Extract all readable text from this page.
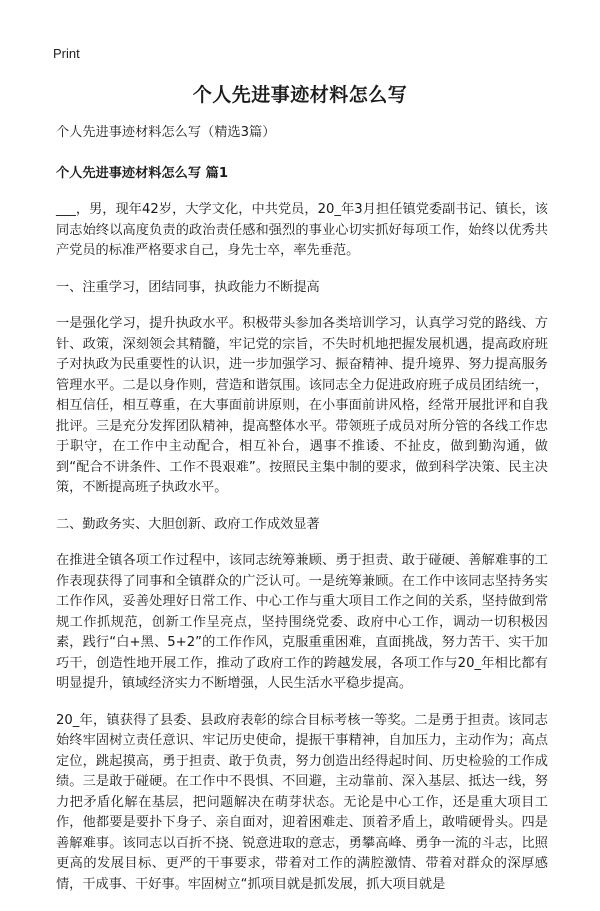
Print
个人先进事迹材料怎么写

个人先进事迹材料怎么写（精选3篇）

个人先进事迹材料怎么写 篇1

___，男，现年42岁，大学文化，中共党员，20_年3月担任镇党委副书记、镇长，该同志始终以高度负责的政治责任感和强烈的事业心切实抓好每项工作，始终以优秀共产党员的标准严格要求自己，身先士卒，率先垂范。

一、注重学习，团结同事，执政能力不断提高

一是强化学习，提升执政水平。积极带头参加各类培训学习，认真学习党的路线、方针、政策，深刻领会其精髓，牢记党的宗旨，不失时机地把握发展机遇，提高政府班子对执政为民重要性的认识，进一步加强学习、振奋精神、提升境界、努力提高服务管理水平。二是以身作则，营造和谐氛围。该同志全力促进政府班子成员团结统一，相互信任，相互尊重，在大事面前讲原则，在小事面前讲风格，经常开展批评和自我批评。三是充分发挥团队精神，提高整体水平。带领班子成员对所分管的各线工作忠于职守，在工作中主动配合，相互补台，遇事不推诿、不扯皮，做到勤沟通，做到“配合不讲条件、工作不畏艰难”。按照民主集中制的要求，做到科学决策、民主决策，不断提高班子执政水平。

二、勤政务实、大胆创新、政府工作成效显著

在推进全镇各项工作过程中，该同志统筹兼顾、勇于担责、敢于碰硬、善解难事的工作表现获得了同事和全镇群众的广泛认可。一是统筹兼顾。在工作中该同志坚持务实工作作风，妥善处理好日常工作、中心工作与重大项目工作之间的关系，坚持做到常规工作抓规范，创新工作呈亮点，坚持围绕党委、政府中心工作，调动一切积极因素，践行“白+黑、5+2”的工作作风，克服重重困难，直面挑战，努力苦干、实干加巧干，创造性地开展工作，推动了政府工作的跨越发展，各项工作与20_年相比都有明显提升，镇域经济实力不断增强，人民生活水平稳步提高。

20_年，镇获得了县委、县政府表彰的综合目标考核一等奖。二是勇于担责。该同志始终牢固树立责任意识、牢记历史使命，提振干事精神，自加压力，主动作为；高点定位，跳起摸高，勇于担责、敢于负责，努力创造出经得起时间、历史检验的工作成绩。三是敢于碰硬。在工作中不畏惧、不回避，主动靠前、深入基层、抵达一线，努力把矛盾化解在基层，把问题解决在萌芽状态。无论是中心工作，还是重大项目工作，他都要是要扑下身子、亲自面对，迎着困难走、顶着矛盾上，敢啃硬骨头。四是善解难事。该同志以百折不挠、锐意进取的意志，勇攀高峰、勇争一流的斗志，比照更高的发展目标、更严的干事要求，带着对工作的满腔激情、带着对群众的深厚感情，干成事、干好事。牢固树立“抓项目就是抓发展，抓大项目就是
